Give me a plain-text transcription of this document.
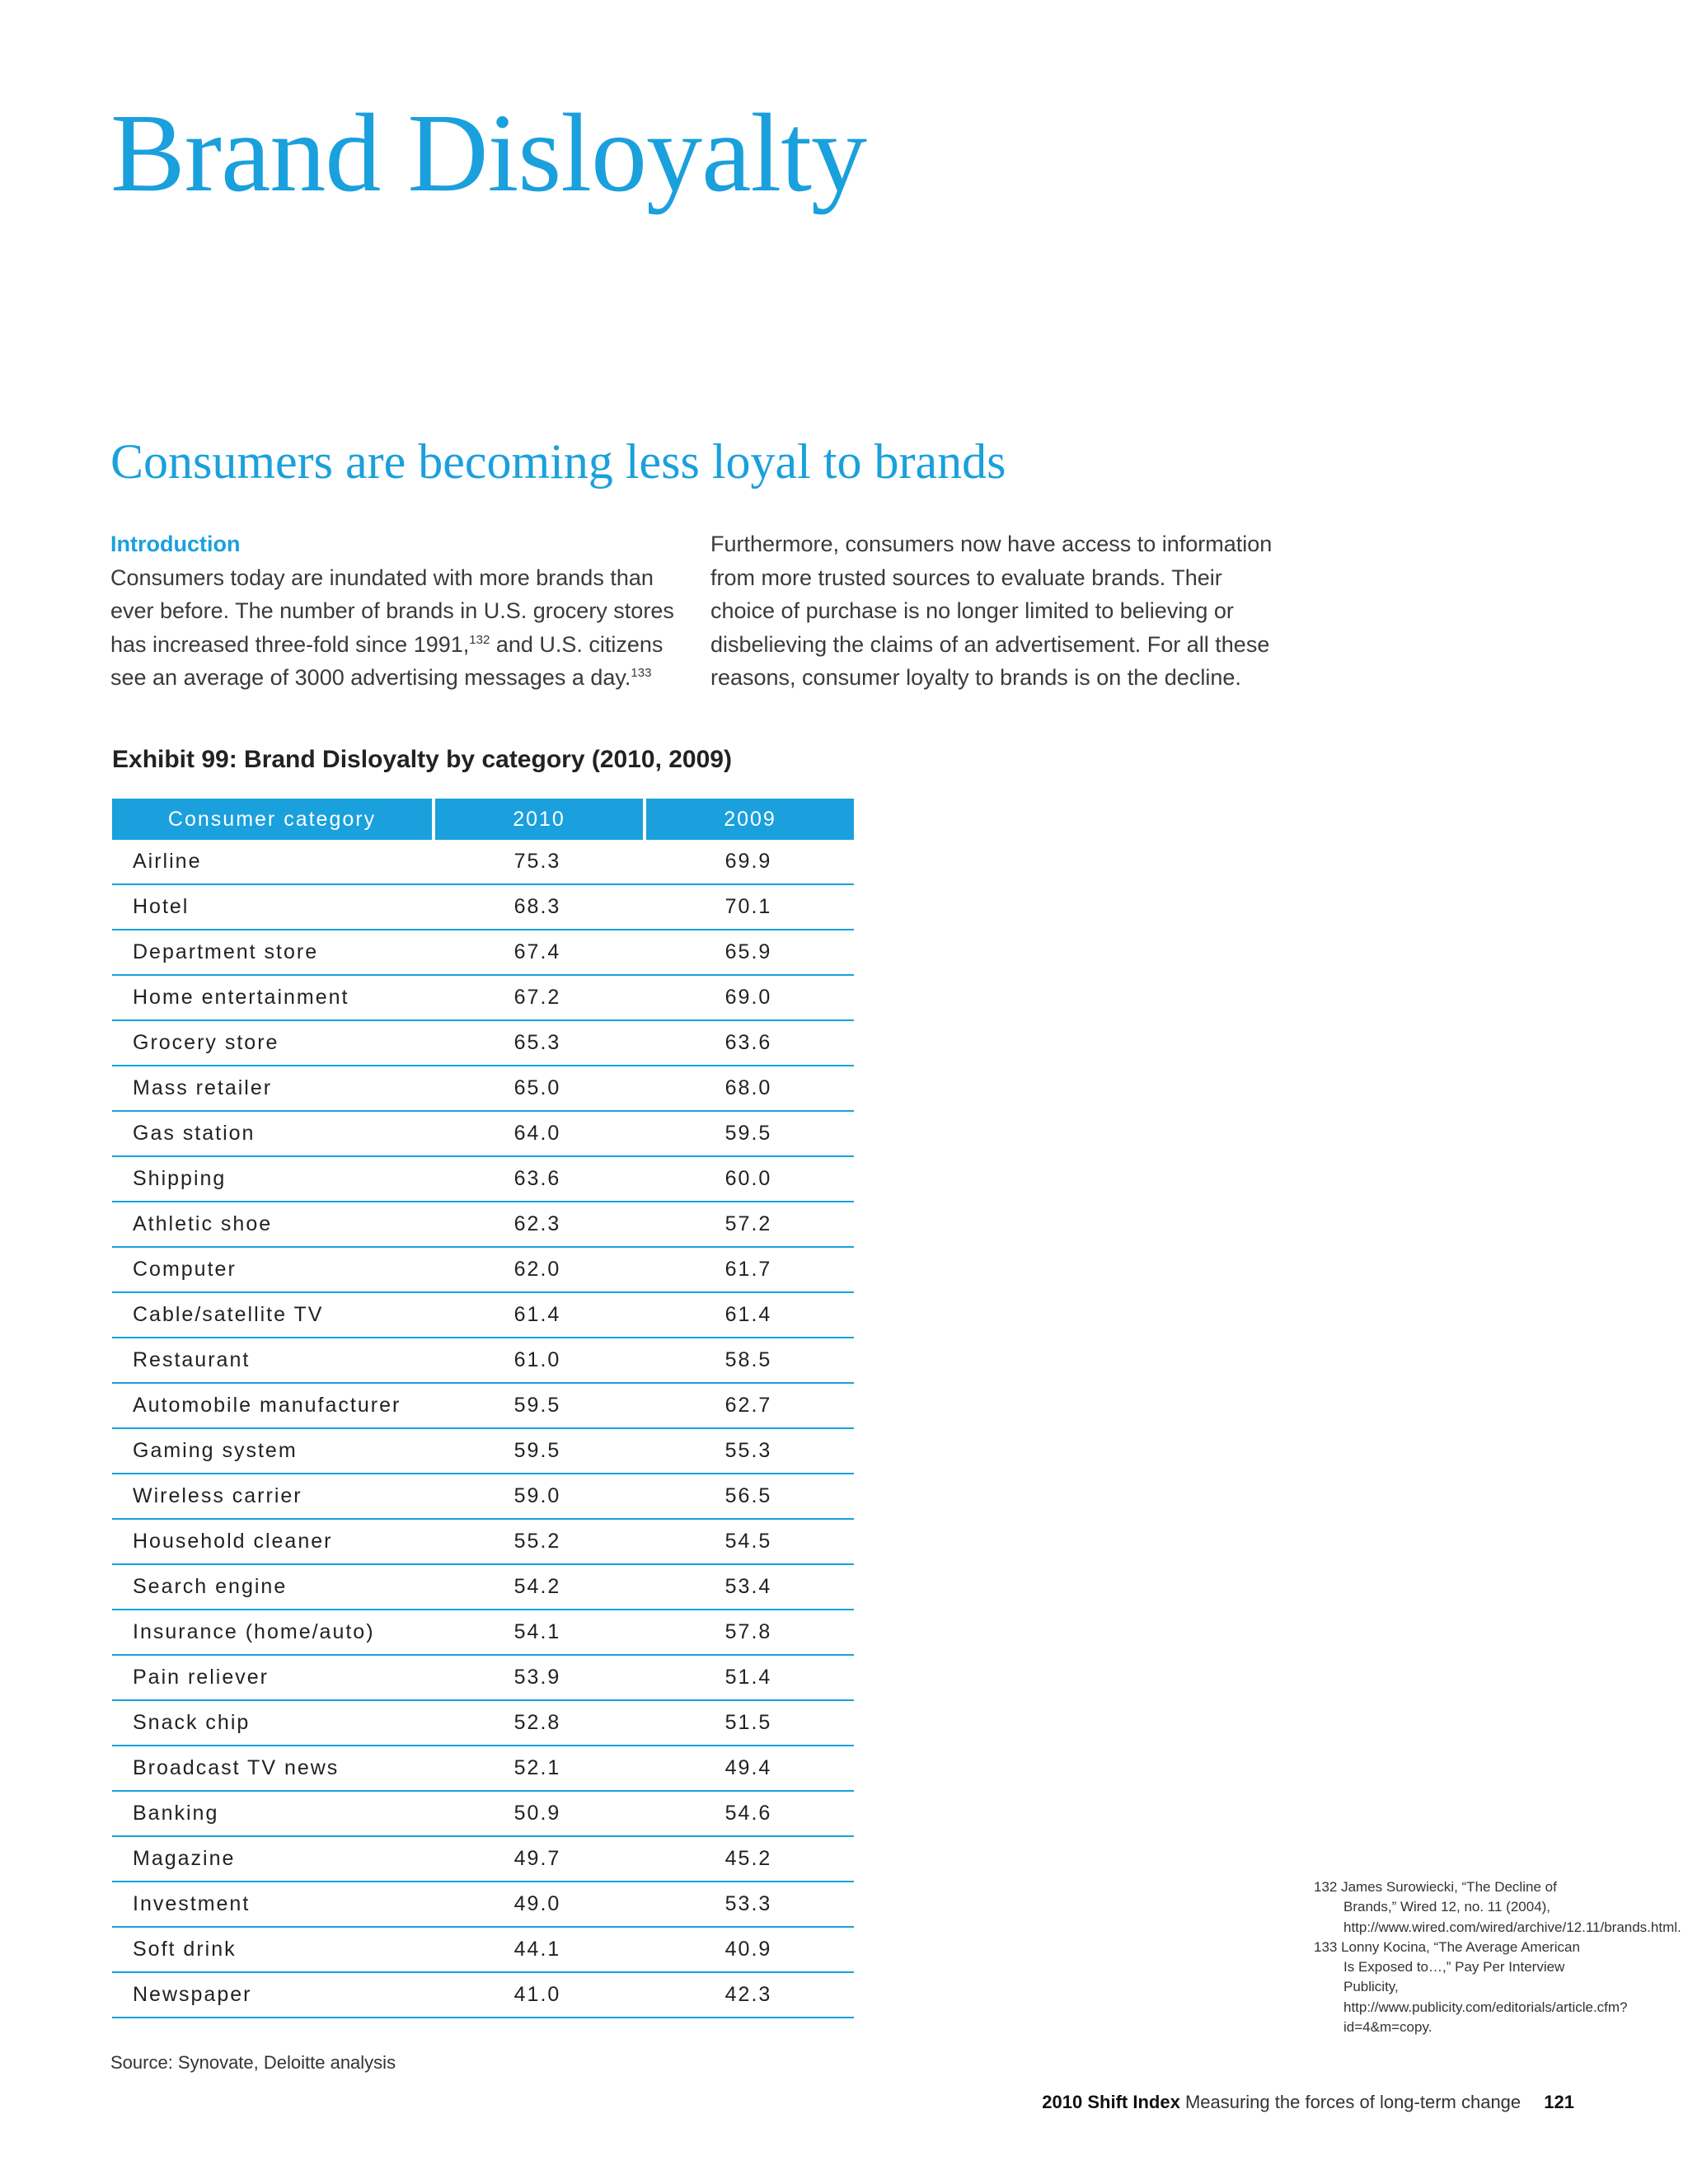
Brand Disloyalty
Consumers are becoming less loyal to brands
Introduction
Consumers today are inundated with more brands than ever before. The number of brands in U.S. grocery stores has increased three-fold since 1991,$^{132}$ and U.S. citizens see an average of 3000 advertising messages a day.$^{133}$
Furthermore, consumers now have access to information from more trusted sources to evaluate brands. Their choice of purchase is no longer limited to believing or disbelieving the claims of an advertisement. For all these reasons, consumer loyalty to brands is on the decline.
Exhibit 99: Brand Disloyalty by category (2010, 2009)
Consumer category	2010	2009
Airline	75.3	69.9
Hotel	68.3	70.1
Department store	67.4	65.9
Home entertainment	67.2	69.0
Grocery store	65.3	63.6
Mass retailer	65.0	68.0
Gas station	64.0	59.5
Shipping	63.6	60.0
Athletic shoe	62.3	57.2
Computer	62.0	61.7
Cable/satellite TV	61.4	61.4
Restaurant	61.0	58.5
Automobile manufacturer	59.5	62.7
Gaming system	59.5	55.3
Wireless carrier	59.0	56.5
Household cleaner	55.2	54.5
Search engine	54.2	53.4
Insurance (home/auto)	54.1	57.8
Pain reliever	53.9	51.4
Snack chip	52.8	51.5
Broadcast TV news	52.1	49.4
Banking	50.9	54.6
Magazine	49.7	45.2
Investment	49.0	53.3
Soft drink	44.1	40.9
Newspaper	41.0	42.3
Source: Synovate, Deloitte analysis

132 James Surowiecki, “The Decline of Brands,” Wired 12, no. 11 (2004), http://www.wired.com/wired/archive/12.11/brands.html.

133 Lonny Kocina, “The Average American Is Exposed to…,” Pay Per Interview Publicity, http://www.publicity.com/editorials/article.cfm?id=4&m=copy.

2010 Shift Index Measuring the forces of long-term change 121
